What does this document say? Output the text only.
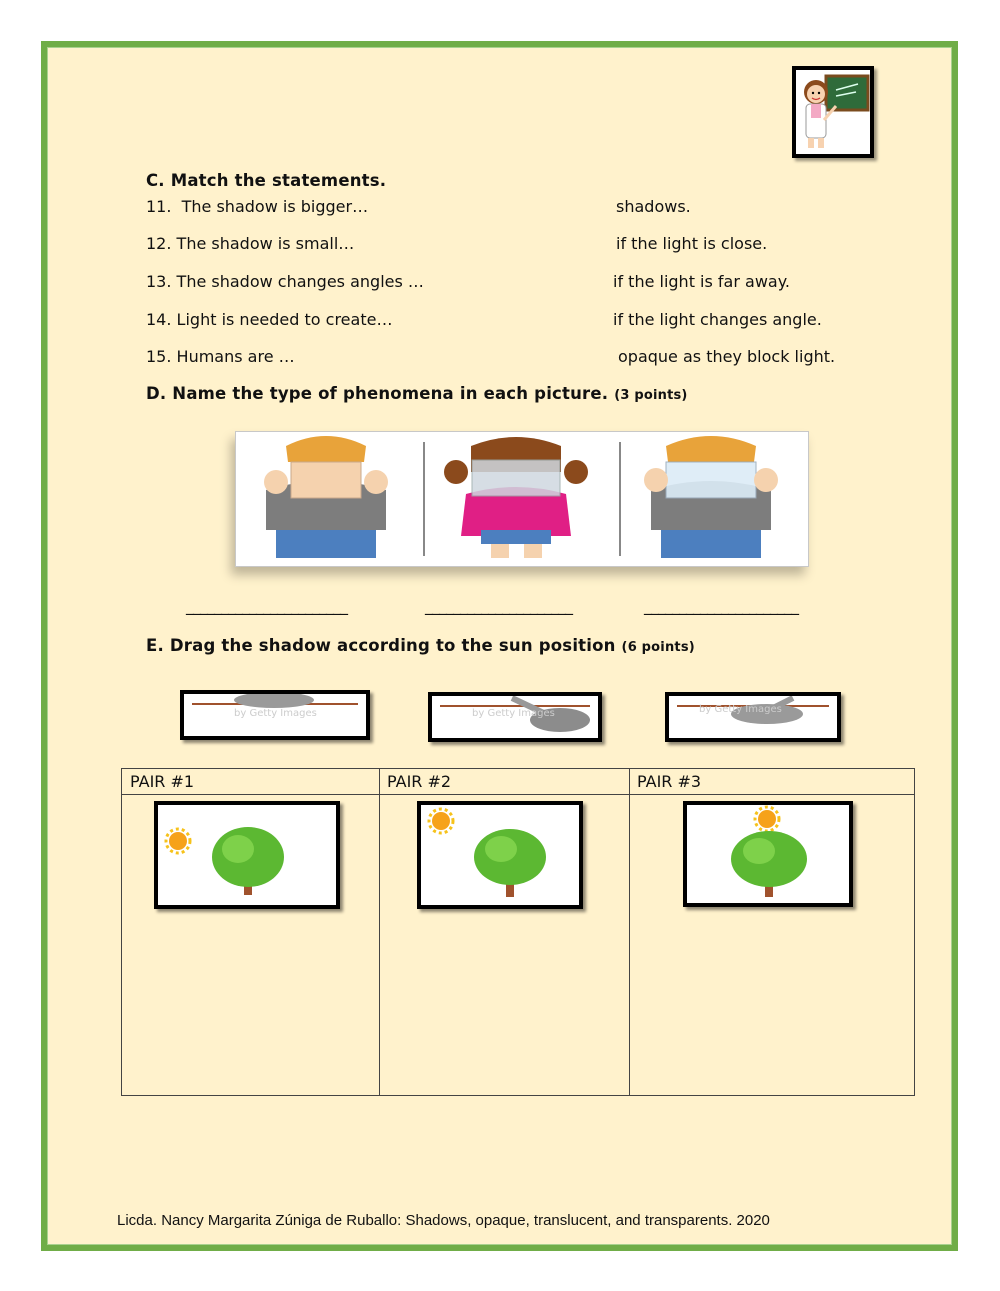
C. Match the statements.
11. The shadow is bigger…	shadows.
12. The shadow is small…	if the light is close.
13. The shadow changes angles …	if the light is far away.
14. Light is needed to create…	if the light changes angle.
15. Humans are …	opaque as they block light.
D. Name the type of phenomena in each picture. (3 points)
_______________________	_____________________	______________________
E. Drag the shadow according to the sun position (6 points)
by Getty Images	by Getty Images	by Getty Images
PAIR #1	PAIR #2	PAIR #3
Licda. Nancy Margarita Zúniga de Ruballo: Shadows, opaque, translucent, and transparents. 2020
